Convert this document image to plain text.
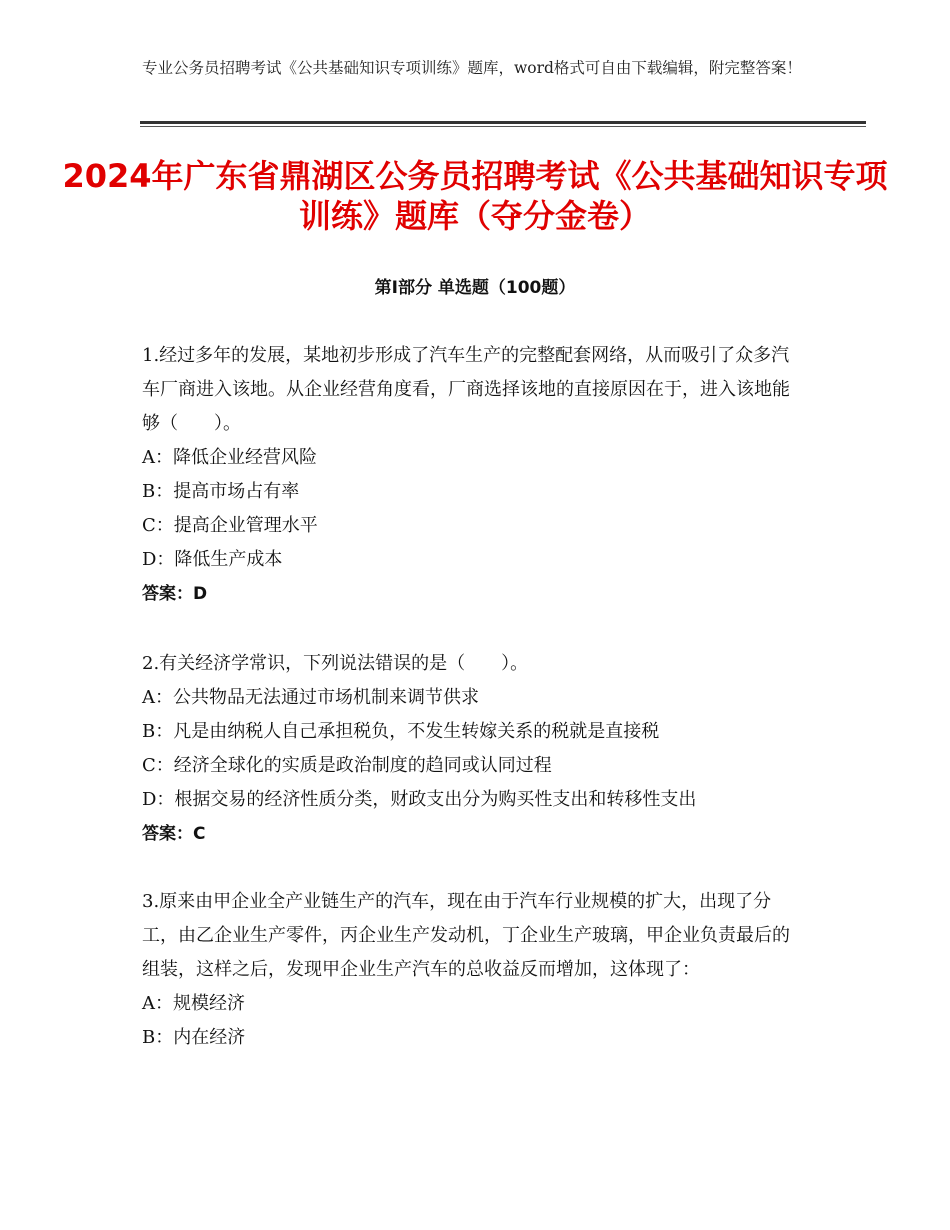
专业公务员招聘考试《公共基础知识专项训练》题库，word格式可自由下载编辑，附完整答案！
2024年广东省鼎湖区公务员招聘考试《公共基础知识专项训练》题库（夺分金卷）
第Ⅰ部分 单选题（100题）
1.经过多年的发展，某地初步形成了汽车生产的完整配套网络，从而吸引了众多汽车厂商进入该地。从企业经营角度看，厂商选择该地的直接原因在于，进入该地能够（　　）。
A：降低企业经营风险
B：提高市场占有率
C：提高企业管理水平
D：降低生产成本
答案：D
2.有关经济学常识，下列说法错误的是（　　）。
A：公共物品无法通过市场机制来调节供求
B：凡是由纳税人自己承担税负，不发生转嫁关系的税就是直接税
C：经济全球化的实质是政治制度的趋同或认同过程
D：根据交易的经济性质分类，财政支出分为购买性支出和转移性支出
答案：C
3.原来由甲企业全产业链生产的汽车，现在由于汽车行业规模的扩大，出现了分工，由乙企业生产零件，丙企业生产发动机，丁企业生产玻璃，甲企业负责最后的组装，这样之后，发现甲企业生产汽车的总收益反而增加，这体现了：
A：规模经济
B：内在经济
